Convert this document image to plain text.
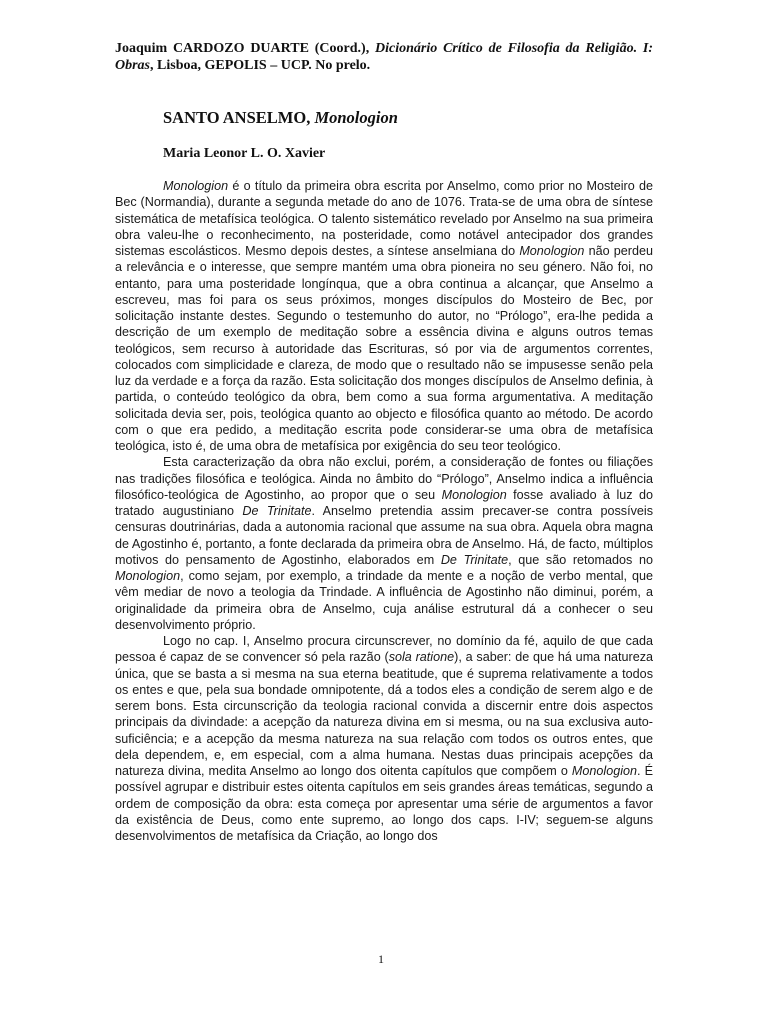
Joaquim CARDOZO DUARTE (Coord.), Dicionário Crítico de Filosofia da Religião. I: Obras, Lisboa, GEPOLIS – UCP. No prelo.

SANTO ANSELMO, Monologion

Maria Leonor L. O. Xavier

Monologion é o título da primeira obra escrita por Anselmo, como prior no Mosteiro de Bec (Normandia), durante a segunda metade do ano de 1076. Trata-se de uma obra de síntese sistemática de metafísica teológica. O talento sistemático revelado por Anselmo na sua primeira obra valeu-lhe o reconhecimento, na posteridade, como notável antecipador dos grandes sistemas escolásticos. Mesmo depois destes, a síntese anselmiana do Monologion não perdeu a relevância e o interesse, que sempre mantém uma obra pioneira no seu género. Não foi, no entanto, para uma posteridade longínqua, que a obra continua a alcançar, que Anselmo a escreveu, mas foi para os seus próximos, monges discípulos do Mosteiro de Bec, por solicitação instante destes. Segundo o testemunho do autor, no “Prólogo”, era-lhe pedida a descrição de um exemplo de meditação sobre a essência divina e alguns outros temas teológicos, sem recurso à autoridade das Escrituras, só por via de argumentos correntes, colocados com simplicidade e clareza, de modo que o resultado não se impusesse senão pela luz da verdade e a força da razão. Esta solicitação dos monges discípulos de Anselmo definia, à partida, o conteúdo teológico da obra, bem como a sua forma argumentativa. A meditação solicitada devia ser, pois, teológica quanto ao objecto e filosófica quanto ao método. De acordo com o que era pedido, a meditação escrita pode considerar-se uma obra de metafísica teológica, isto é, de uma obra de metafísica por exigência do seu teor teológico.

Esta caracterização da obra não exclui, porém, a consideração de fontes ou filiações nas tradições filosófica e teológica. Ainda no âmbito do “Prólogo”, Anselmo indica a influência filosófico-teológica de Agostinho, ao propor que o seu Monologion fosse avaliado à luz do tratado augustiniano De Trinitate. Anselmo pretendia assim precaver-se contra possíveis censuras doutrinárias, dada a autonomia racional que assume na sua obra. Aquela obra magna de Agostinho é, portanto, a fonte declarada da primeira obra de Anselmo. Há, de facto, múltiplos motivos do pensamento de Agostinho, elaborados em De Trinitate, que são retomados no Monologion, como sejam, por exemplo, a trindade da mente e a noção de verbo mental, que vêm mediar de novo a teologia da Trindade. A influência de Agostinho não diminui, porém, a originalidade da primeira obra de Anselmo, cuja análise estrutural dá a conhecer o seu desenvolvimento próprio.

Logo no cap. I, Anselmo procura circunscrever, no domínio da fé, aquilo de que cada pessoa é capaz de se convencer só pela razão (sola ratione), a saber: de que há uma natureza única, que se basta a si mesma na sua eterna beatitude, que é suprema relativamente a todos os entes e que, pela sua bondade omnipotente, dá a todos eles a condição de serem algo e de serem bons. Esta circunscrição da teologia racional convida a discernir entre dois aspectos principais da divindade: a acepção da natureza divina em si mesma, ou na sua exclusiva auto-suficiência; e a acepção da mesma natureza na sua relação com todos os outros entes, que dela dependem, e, em especial, com a alma humana. Nestas duas principais acepções da natureza divina, medita Anselmo ao longo dos oitenta capítulos que compõem o Monologion. É possível agrupar e distribuir estes oitenta capítulos em seis grandes áreas temáticas, segundo a ordem de composição da obra: esta começa por apresentar uma série de argumentos a favor da existência de Deus, como ente supremo, ao longo dos caps. I-IV; seguem-se alguns desenvolvimentos de metafísica da Criação, ao longo dos

1
